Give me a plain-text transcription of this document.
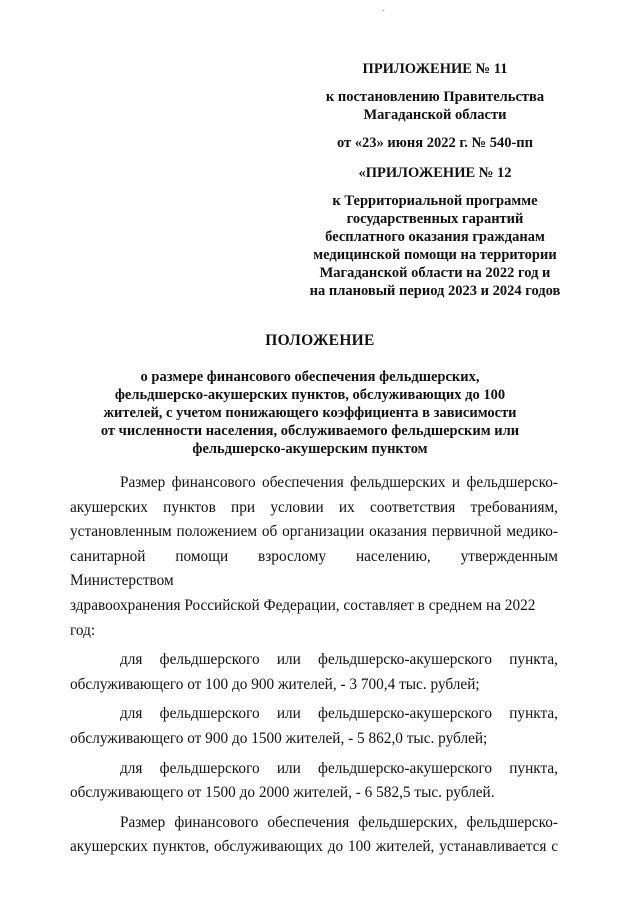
·
ПРИЛОЖЕНИЕ № 11
к постановлению Правительства
Магаданской области
от «23» июня 2022 г. № 540-пп
«ПРИЛОЖЕНИЕ № 12
к Территориальной программе
государственных гарантий
бесплатного оказания гражданам
медицинской помощи на территории
Магаданской области на 2022 год и
на плановый период 2023 и 2024 годов
ПОЛОЖЕНИЕ
о размере финансового обеспечения фельдшерских,
фельдшерско-акушерских пунктов, обслуживающих до 100
жителей, с учетом понижающего коэффициента в зависимости
от численности населения, обслуживаемого фельдшерским или
фельдшерско-акушерским пунктом
Размер финансового обеспечения фельдшерских и фельдшерско-
акушерских пунктов при условии их соответствия требованиям,
установленным положением об организации оказания первичной медико-
санитарной помощи взрослому населению, утвержденным Министерством
здравоохранения Российской Федерации, составляет в среднем на 2022 год:
для фельдшерского или фельдшерско-акушерского пункта,
обслуживающего от 100 до 900 жителей, - 3 700,4 тыс. рублей;
для фельдшерского или фельдшерско-акушерского пункта,
обслуживающего от 900 до 1500 жителей, - 5 862,0 тыс. рублей;
для фельдшерского или фельдшерско-акушерского пункта,
обслуживающего от 1500 до 2000 жителей, - 6 582,5 тыс. рублей.
Размер финансового обеспечения фельдшерских, фельдшерско-
акушерских пунктов, обслуживающих до 100 жителей, устанавливается с
